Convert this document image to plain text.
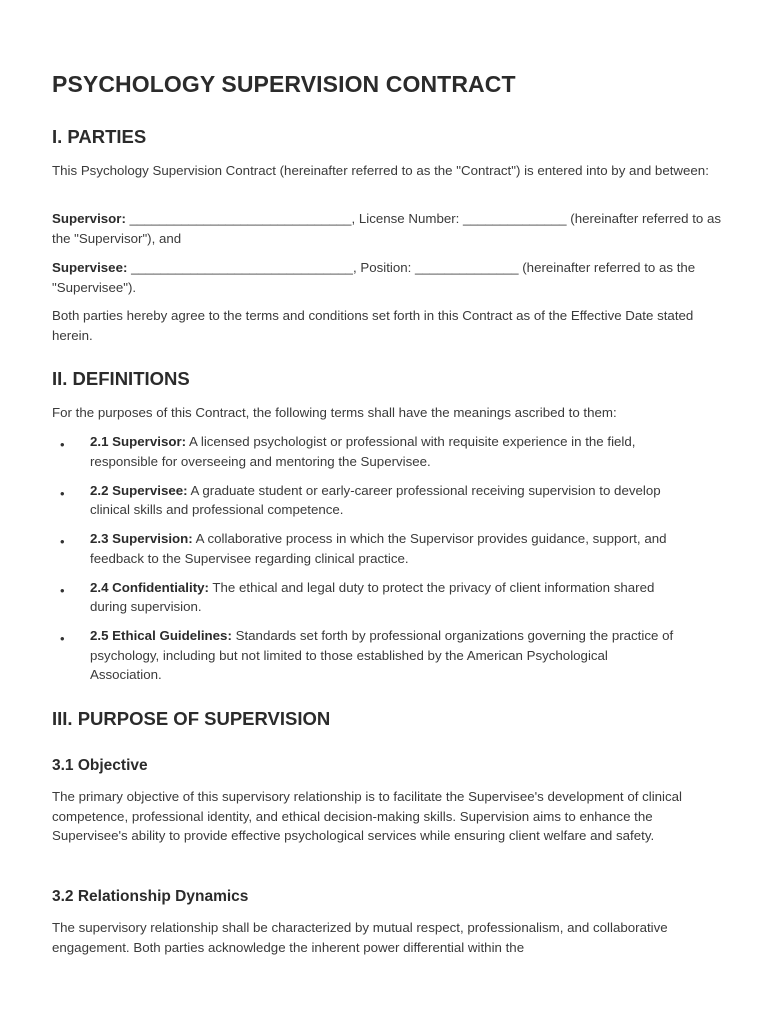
PSYCHOLOGY SUPERVISION CONTRACT
I. PARTIES

This Psychology Supervision Contract (hereinafter referred to as the "Contract") is entered into by and between:

Supervisor: ______________________________, License Number: ______________ (hereinafter referred to as the "Supervisor"), and

Supervisee: ______________________________, Position: ______________ (hereinafter referred to as the "Supervisee").

Both parties hereby agree to the terms and conditions set forth in this Contract as of the Effective Date stated herein.

II. DEFINITIONS

For the purposes of this Contract, the following terms shall have the meanings ascribed to them:

• 2.1 Supervisor: A licensed psychologist or professional with requisite experience in the field, responsible for overseeing and mentoring the Supervisee.
• 2.2 Supervisee: A graduate student or early-career professional receiving supervision to develop clinical skills and professional competence.
• 2.3 Supervision: A collaborative process in which the Supervisor provides guidance, support, and feedback to the Supervisee regarding clinical practice.
• 2.4 Confidentiality: The ethical and legal duty to protect the privacy of client information shared during supervision.
• 2.5 Ethical Guidelines: Standards set forth by professional organizations governing the practice of psychology, including but not limited to those established by the American Psychological Association.
III. PURPOSE OF SUPERVISION
3.1 Objective

The primary objective of this supervisory relationship is to facilitate the Supervisee's development of clinical competence, professional identity, and ethical decision-making skills. Supervision aims to enhance the Supervisee's ability to provide effective psychological services while ensuring client welfare and safety.

3.2 Relationship Dynamics

The supervisory relationship shall be characterized by mutual respect, professionalism, and collaborative engagement. Both parties acknowledge the inherent power differential within the
